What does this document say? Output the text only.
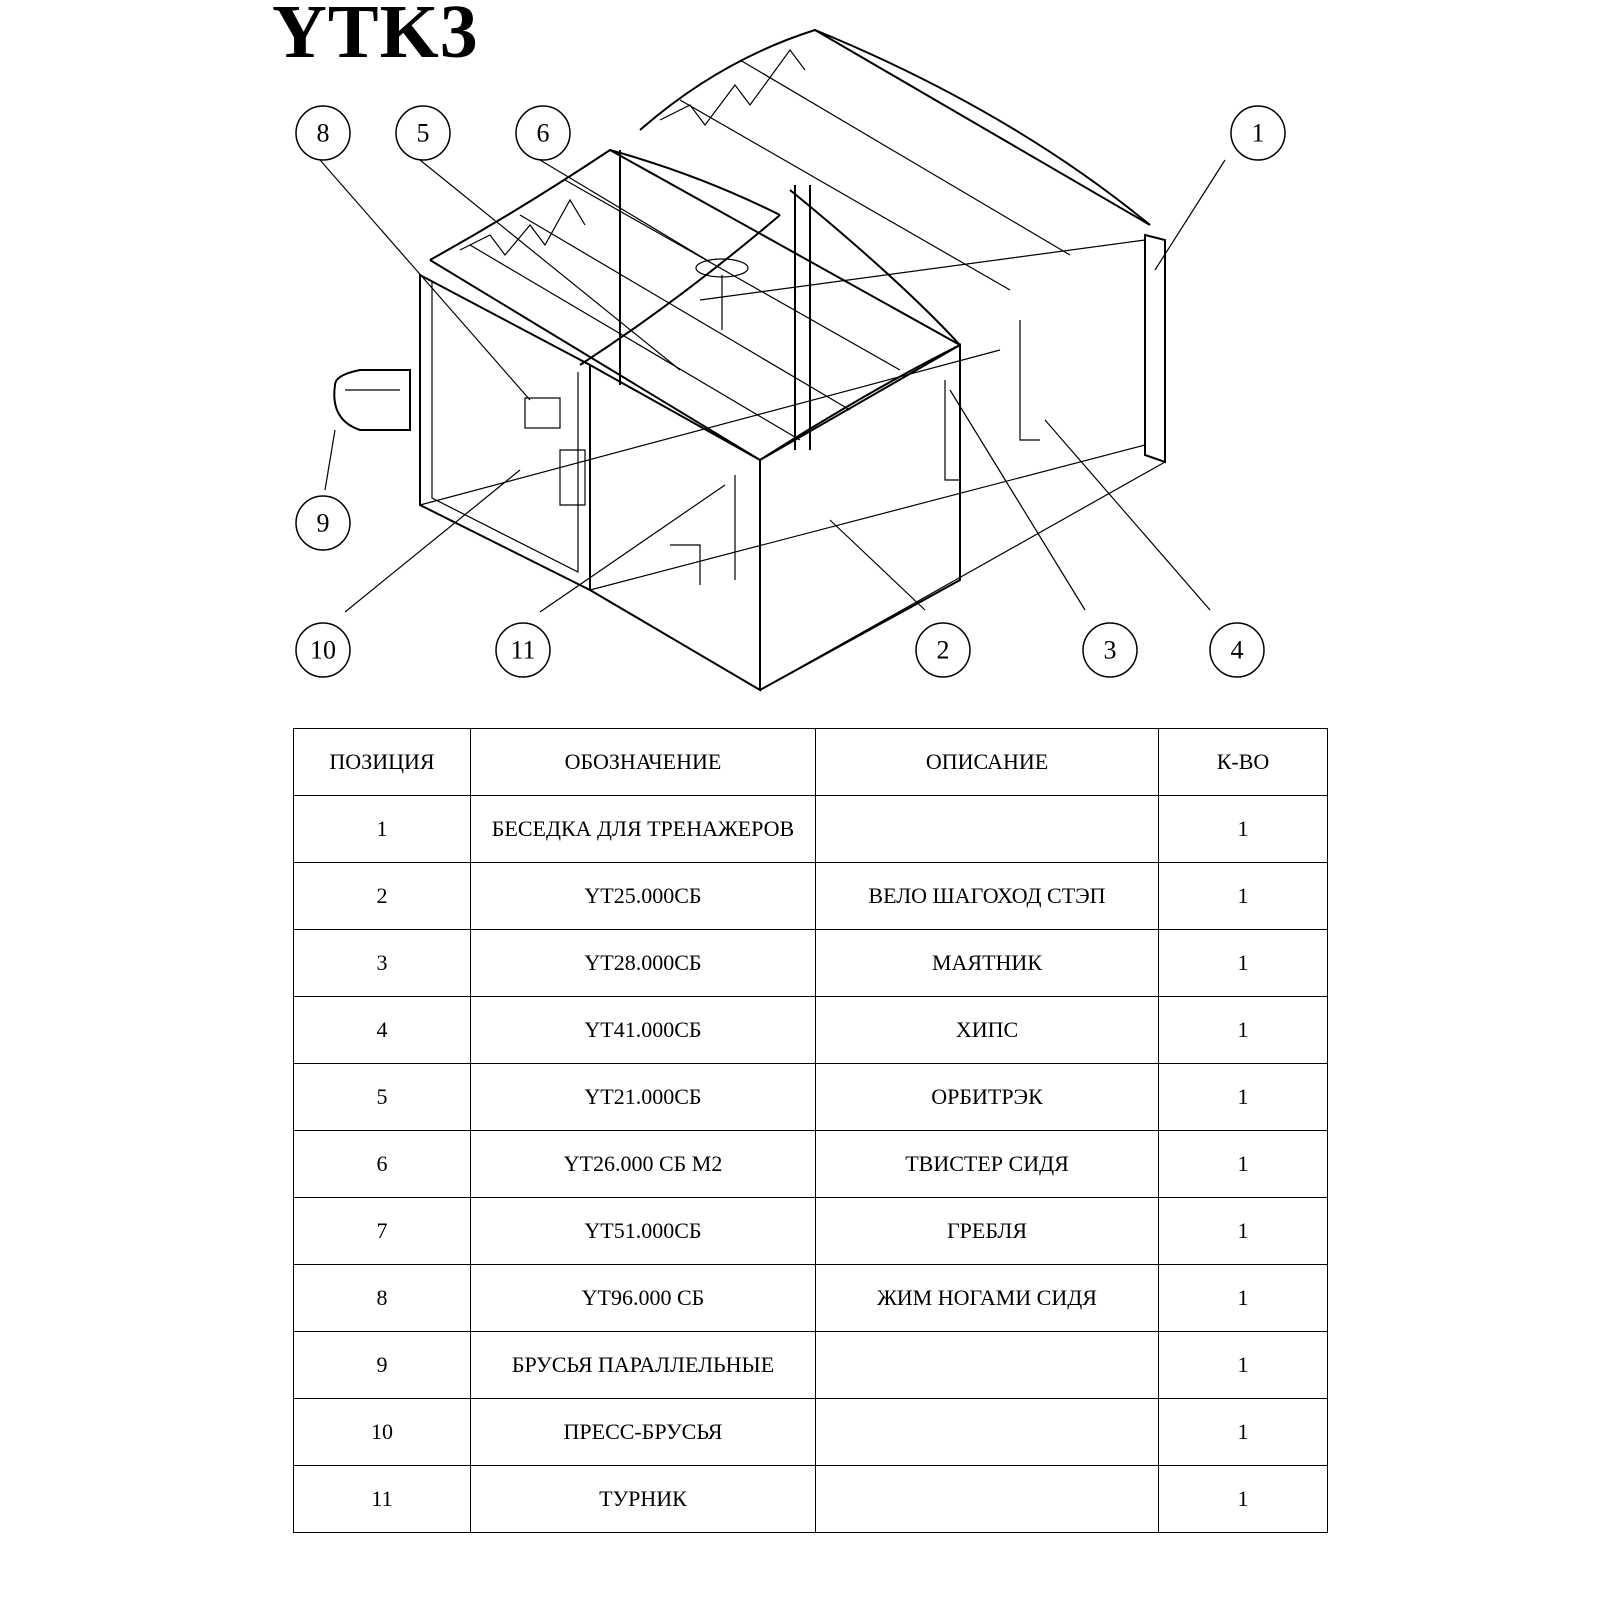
YTK3
8	5	6	1
9
10	11	2	3	4
ПОЗИЦИЯ	ОБОЗНАЧЕНИЕ	ОПИСАНИЕ	К-ВО
1	БЕСЕДКА ДЛЯ ТРЕНАЖЕРОВ		1
2	YT25.000СБ	ВЕЛО ШАГОХОД СТЭП	1
3	YT28.000СБ	МАЯТНИК	1
4	YT41.000СБ	ХИПС	1
5	YT21.000СБ	ОРБИТРЭК	1
6	YT26.000 СБ М2	ТВИСТЕР СИДЯ	1
7	YT51.000СБ	ГРЕБЛЯ	1
8	YT96.000 СБ	ЖИМ НОГАМИ СИДЯ	1
9	БРУСЬЯ ПАРАЛЛЕЛЬНЫЕ		1
10	ПРЕСС-БРУСЬЯ		1
11	ТУРНИК		1
